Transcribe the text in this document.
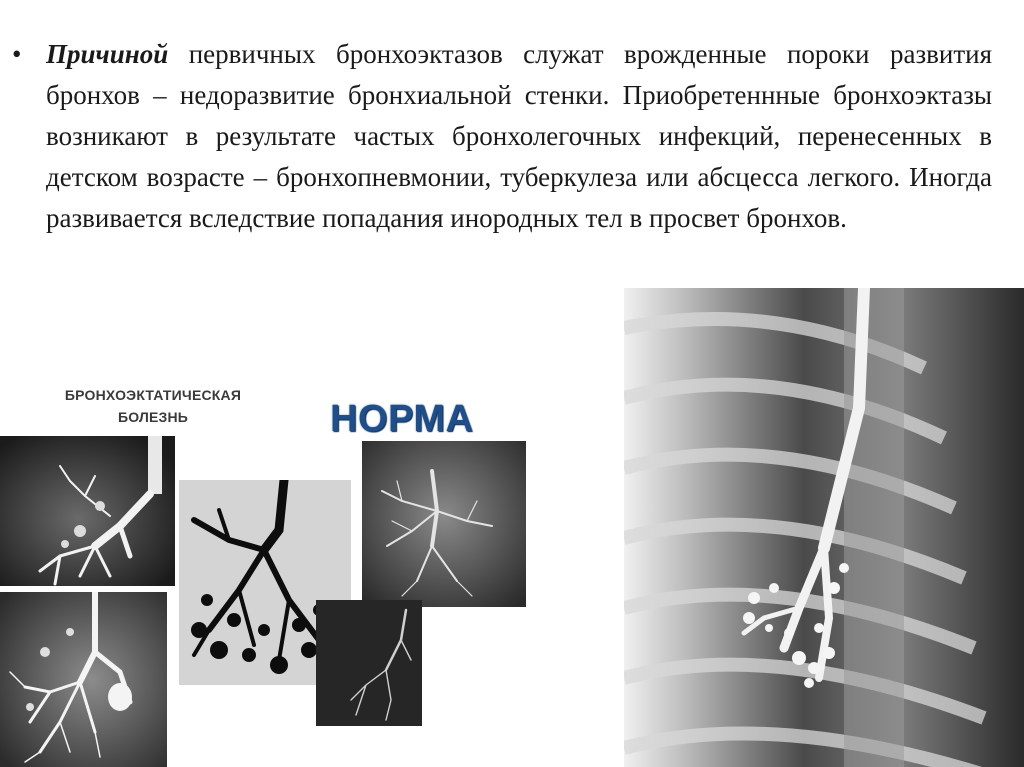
• Причиной первичных бронхоэктазов служат врожденные пороки развития бронхов – недоразвитие бронхиальной стенки. Приобретеннные бронхоэктазы возникают в результате частых бронхолегочных инфекций, перенесенных в детском возрасте – бронхопневмонии, туберкулеза или абсцесса легкого. Иногда развивается вследствие попадания инородных тел в просвет бронхов.

БРОНХОЭКТАТИЧЕСКАЯ
БОЛЕЗНЬ	НОРМА
